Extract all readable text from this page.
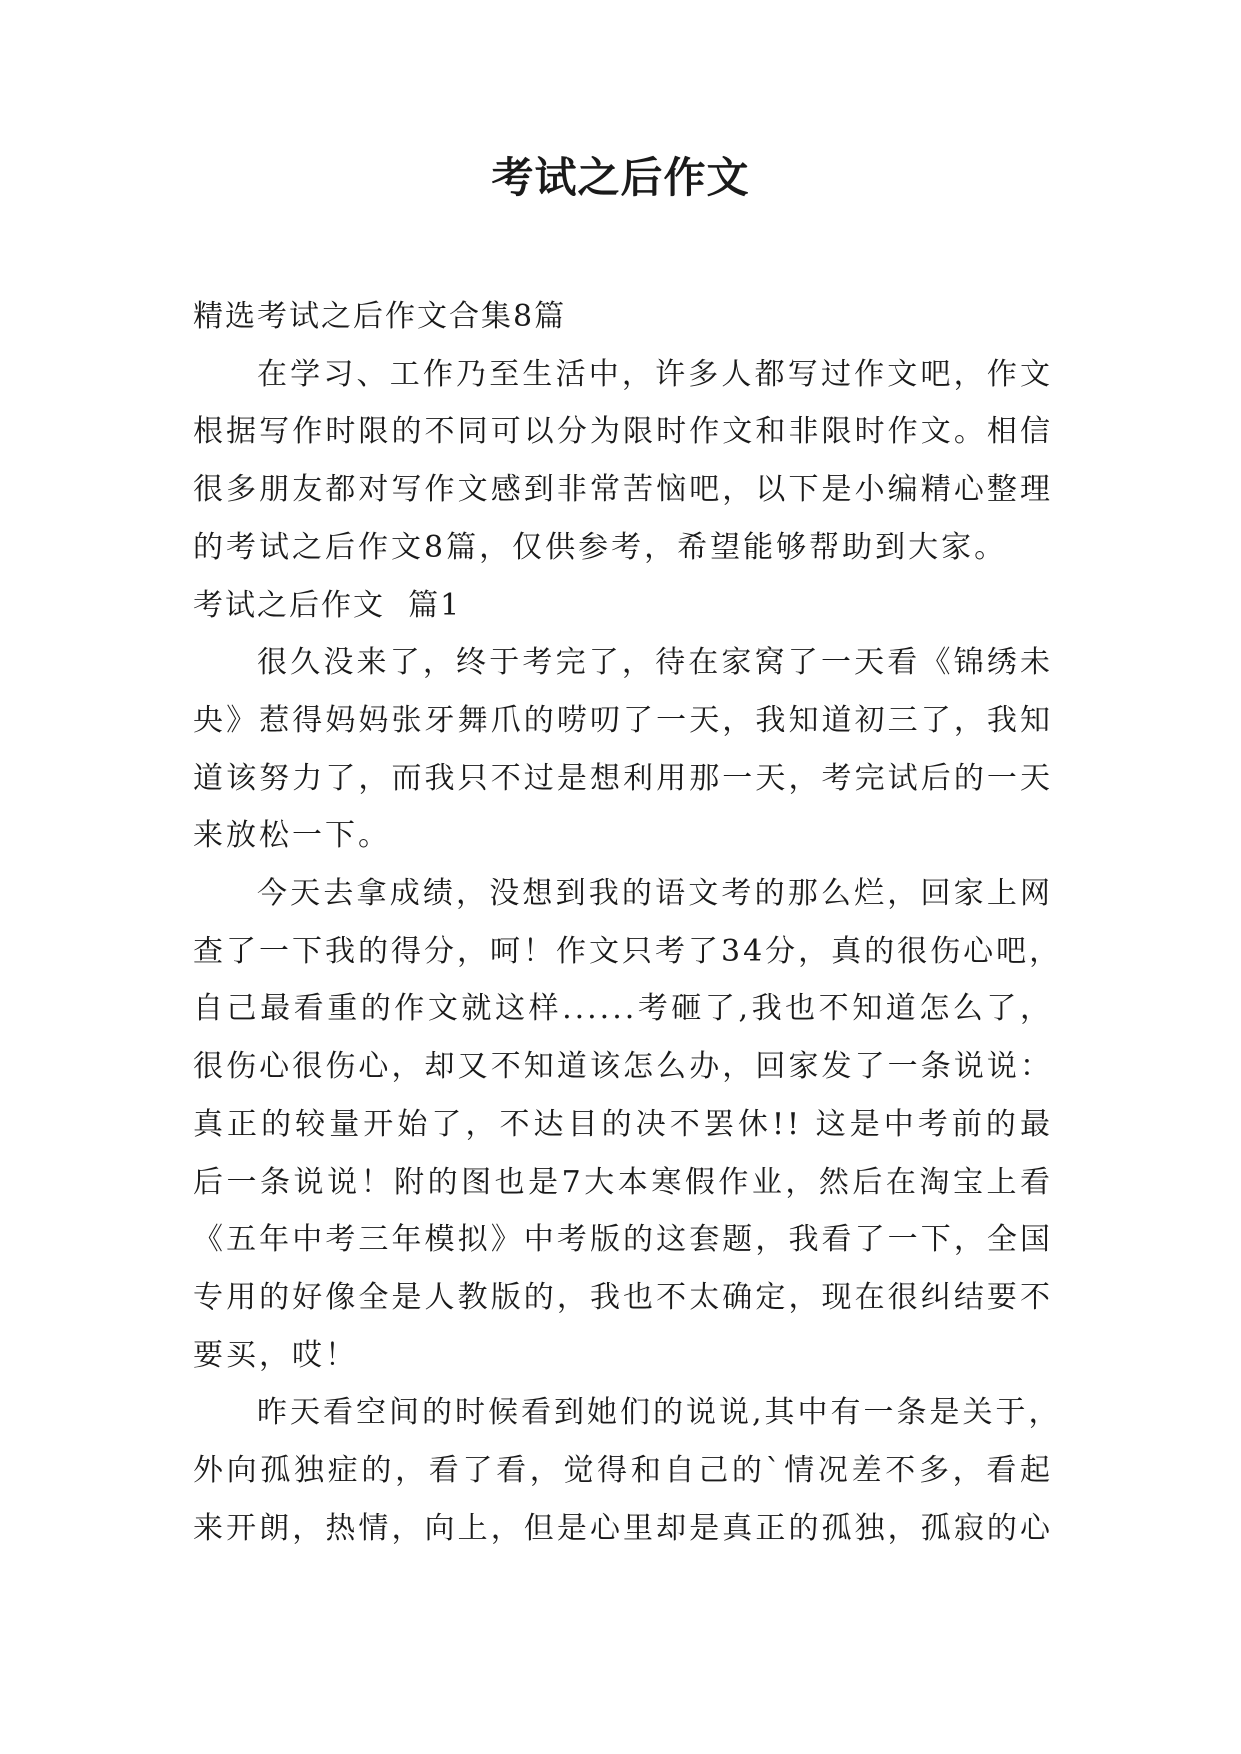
考试之后作文

精选考试之后作文合集8篇

在学习、工作乃至生活中，许多人都写过作文吧，作文

根据写作时限的不同可以分为限时作文和非限时作文。相信

很多朋友都对写作文感到非常苦恼吧，以下是小编精心整理

的考试之后作文8篇，仅供参考，希望能够帮助到大家。

考试之后作文  篇1

很久没来了，终于考完了，待在家窝了一天看《锦绣未

央》惹得妈妈张牙舞爪的唠叨了一天，我知道初三了，我知

道该努力了，而我只不过是想利用那一天，考完试后的一天

来放松一下。

今天去拿成绩，没想到我的语文考的那么烂，回家上网

查了一下我的得分，呵！作文只考了34分，真的很伤心吧，

自己最看重的作文就这样......考砸了,我也不知道怎么了，

很伤心很伤心，却又不知道该怎么办，回家发了一条说说：

真正的较量开始了，不达目的决不罢休!! 这是中考前的最

后一条说说！附的图也是7大本寒假作业，然后在淘宝上看

《五年中考三年模拟》中考版的这套题，我看了一下，全国

专用的好像全是人教版的，我也不太确定，现在很纠结要不

要买，哎！

昨天看空间的时候看到她们的说说,其中有一条是关于，

外向孤独症的，看了看，觉得和自己的`情况差不多，看起

来开朗，热情，向上，但是心里却是真正的孤独，孤寂的心
